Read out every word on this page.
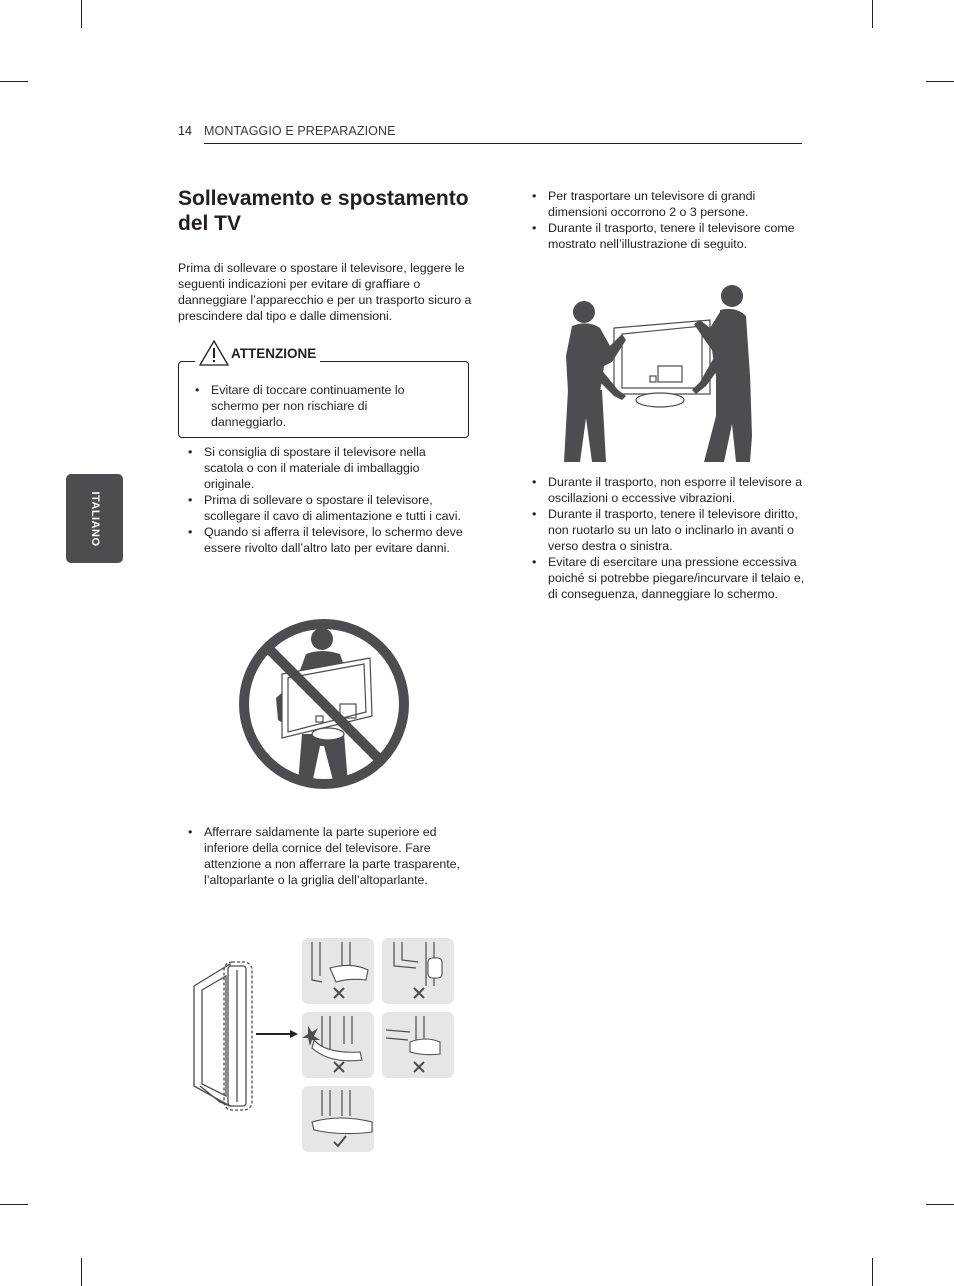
14 MONTAGGIO E PREPARAZIONE
ITALIANO
Sollevamento e spostamento del TV

Prima di sollevare o spostare il televisore, leggere le seguenti indicazioni per evitare di graffiare o danneggiare l’apparecchio e per un trasporto sicuro a prescindere dal tipo e dalle dimensioni.

ATTENZIONE
• Evitare di toccare continuamente lo schermo per non rischiare di danneggiarlo.
• Si consiglia di spostare il televisore nella scatola o con il materiale di imballaggio originale.
• Prima di sollevare o spostare il televisore, scollegare il cavo di alimentazione e tutti i cavi.
• Quando si afferra il televisore, lo schermo deve essere rivolto dall’altro lato per evitare danni.
• Afferrare saldamente la parte superiore ed inferiore della cornice del televisore. Fare attenzione a non afferrare la parte trasparente, l’altoparlante o la griglia dell’altoparlante.
• Per trasportare un televisore di grandi dimensioni occorrono 2 o 3 persone.
• Durante il trasporto, tenere il televisore come mostrato nell’illustrazione di seguito.
• Durante il trasporto, non esporre il televisore a oscillazioni o eccessive vibrazioni.
• Durante il trasporto, tenere il televisore diritto, non ruotarlo su un lato o inclinarlo in avanti o verso destra o sinistra.
• Evitare di esercitare una pressione eccessiva poiché si potrebbe piegare/incurvare il telaio e, di conseguenza, danneggiare lo schermo.
